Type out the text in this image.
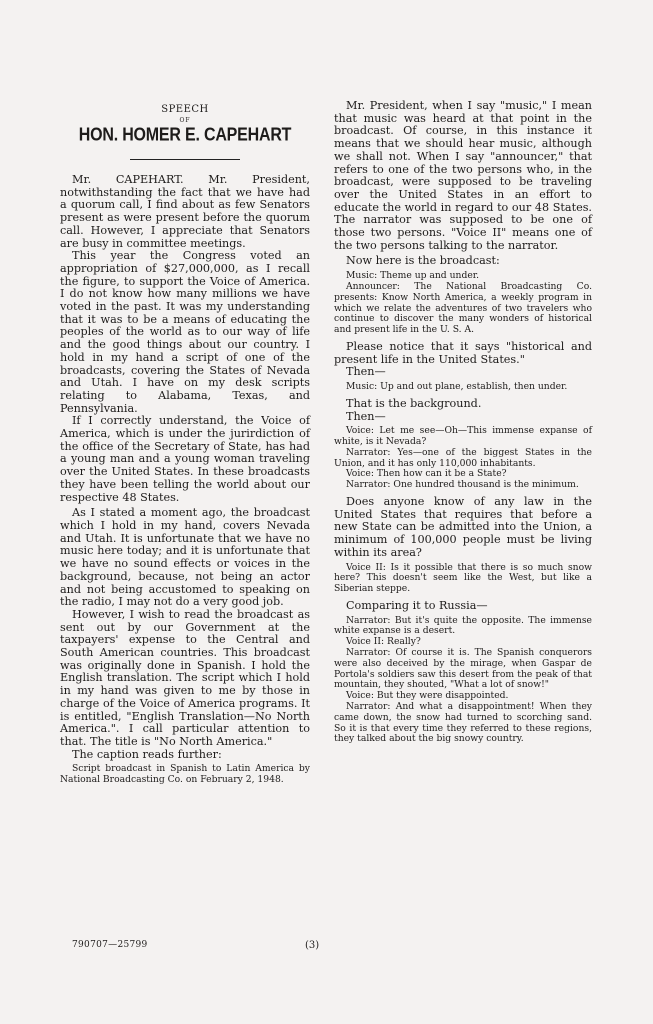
SPEECH
OF
HON. HOMER E. CAPEHART

Mr. CAPEHART. Mr. President, notwithstanding the fact that we have had a quorum call, I find about as few Senators present as were present before the quorum call. However, I appreciate that Senators are busy in committee meetings.

This year the Congress voted an appropriation of $27,000,000, as I recall the figure, to support the Voice of America. I do not know how many millions we have voted in the past. It was my understanding that it was to be a means of educating the peoples of the world as to our way of life and the good things about our country. I hold in my hand a script of one of the broadcasts, covering the States of Nevada and Utah. I have on my desk scripts relating to Alabama, Texas, and Pennsylvania.

If I correctly understand, the Voice of America, which is under the jurirdiction of the office of the Secretary of State, has had a young man and a young woman traveling over the United States. In these broadcasts they have been telling the world about our respective 48 States.

As I stated a moment ago, the broadcast which I hold in my hand, covers Nevada and Utah. It is unfortunate that we have no music here today; and it is unfortunate that we have no sound effects or voices in the background, because, not being an actor and not being accustomed to speaking on the radio, I may not do a very good job.

However, I wish to read the broadcast as sent out by our Government at the taxpayers' expense to the Central and South American countries. This broadcast was originally done in Spanish. I hold the English translation. The script which I hold in my hand was given to me by those in charge of the Voice of America programs. It is entitled, "English Translation—No North America.". I call particular attention to that. The title is "No North America."

The caption reads further:

Script broadcast in Spanish to Latin America by National Broadcasting Co. on February 2, 1948.

Mr. President, when I say "music," I mean that music was heard at that point in the broadcast. Of course, in this instance it means that we should hear music, although we shall not. When I say "announcer," that refers to one of the two persons who, in the broadcast, were supposed to be traveling over the United States in an effort to educate the world in regard to our 48 States. The narrator was supposed to be one of those two persons. "Voice II" means one of the two persons talking to the narrator.

Now here is the broadcast:

Music: Theme up and under.

Announcer: The National Broadcasting Co. presents: Know North America, a weekly program in which we relate the adventures of two travelers who continue to discover the many wonders of historical and present life in the U. S. A.

Please notice that it says "historical and present life in the United States."

Then—

Music: Up and out plane, establish, then under.

That is the background.

Then—

Voice: Let me see—Oh—This immense expanse of white, is it Nevada?

Narrator: Yes—one of the biggest States in the Union, and it has only 110,000 inhabitants.

Voice: Then how can it be a State?

Narrator: One hundred thousand is the minimum.

Does anyone know of any law in the United States that requires that before a new State can be admitted into the Union, a minimum of 100,000 people must be living within its area?

Voice II: Is it possible that there is so much snow here? This doesn't seem like the West, but like a Siberian steppe.

Comparing it to Russia—

Narrator: But it's quite the opposite. The immense white expanse is a desert.

Voice II: Really?

Narrator: Of course it is. The Spanish conquerors were also deceived by the mirage, when Gaspar de Portola's soldiers saw this desert from the peak of that mountain, they shouted, "What a lot of snow!"

Voice: But they were disappointed.

Narrator: And what a disappointment! When they came down, the snow had turned to scorching sand. So it is that every time they referred to these regions, they talked about the big snowy country.

790707—25799	(3)
